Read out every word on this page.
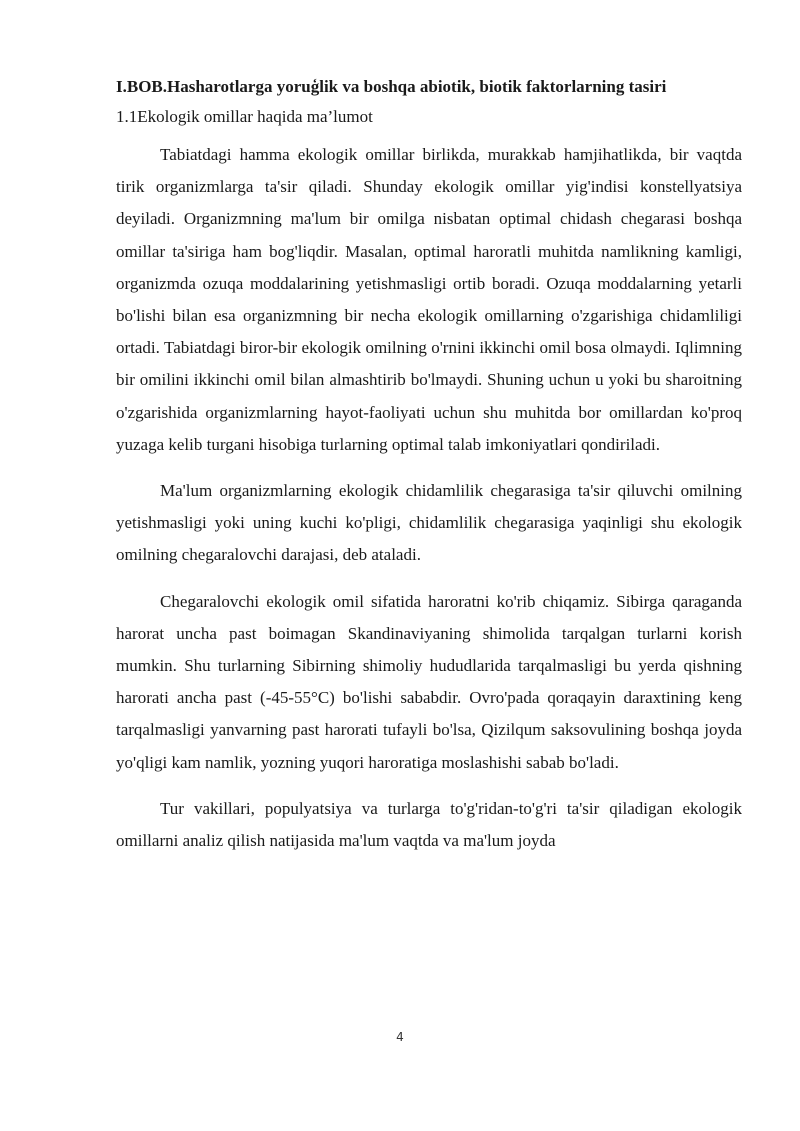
I.BOB.Hasharotlarga yoruģlik va boshqa abiotik, biotik faktorlarning tasiri
1.1Ekologik omillar haqida ma’lumot

Tabiatdagi hamma ekologik omillar birlikda, murakkab hamjihatlikda, bir vaqtda tirik organizmlarga ta'sir qiladi. Shunday ekologik omillar yig'indisi konstellyatsiya deyiladi. Organizmning ma'lum bir omilga nisbatan optimal chidash chegarasi boshqa omillar ta'siriga ham bog'liqdir. Masalan, optimal haroratli muhitda namlikning kamligi, organizmda ozuqa moddalarining yetishmasligi ortib boradi. Ozuqa moddalarning yetarli bo'lishi bilan esa organizmning bir necha ekologik omillarning o'zgarishiga chidamliligi ortadi. Tabiatdagi biror-bir ekologik omilning o'rnini ikkinchi omil bosa olmaydi. Iqlimning bir omilini ikkinchi omil bilan almashtirib bo'lmaydi. Shuning uchun u yoki bu sharoitning o'zgarishida organizmlarning hayot-faoliyati uchun shu muhitda bor omillardan ko'proq yuzaga kelib turgani hisobiga turlarning optimal talab imkoniyatlari qondiriladi.

Ma'lum organizmlarning ekologik chidamlilik chegarasiga ta'sir qiluvchi omilning yetishmasligi yoki uning kuchi ko'pligi, chidamlilik chegarasiga yaqinligi shu ekologik omilning chegaralovchi darajasi, deb ataladi.

Chegaralovchi ekologik omil sifatida haroratni ko'rib chiqamiz. Sibirga qaraganda harorat uncha past boimagan Skandinaviyaning shimolida tarqalgan turlarni korish mumkin. Shu turlarning Sibirning shimoliy hududlarida tarqalmasligi bu yerda qishning harorati ancha past (-45-55°C) bo'lishi sababdir. Ovro'pada qoraqayin daraxtining keng tarqalmasligi yanvarning past harorati tufayli bo'lsa, Qizilqum saksovulining boshqa joyda yo'qligi kam namlik, yozning yuqori haroratiga moslashishi sabab bo'ladi.

Tur vakillari, populyatsiya va turlarga to'g'ridan-to'g'ri ta'sir qiladigan ekologik omillarni analiz qilish natijasida ma'lum vaqtda va ma'lum joyda

4
